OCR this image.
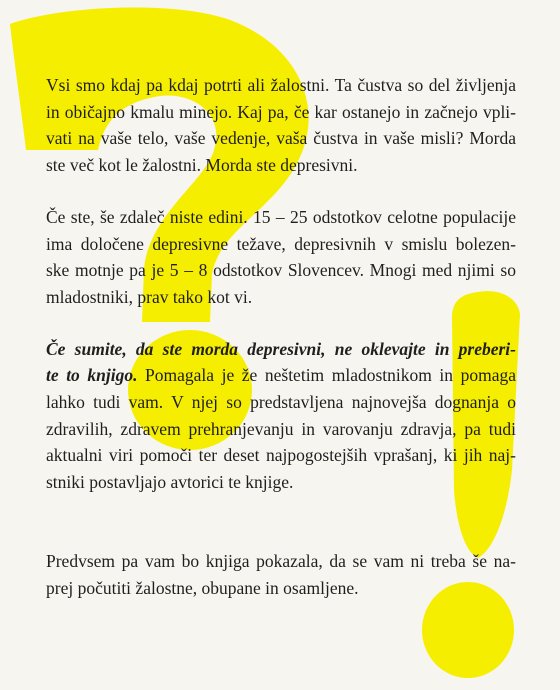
Vsi smo kdaj pa kdaj potrti ali žalostni. Ta čustva so del življenja
in običajno kmalu minejo. Kaj pa, če kar ostanejo in začnejo vpli-
vati na vaše telo, vaše vedenje, vaša čustva in vaše misli? Morda
ste več kot le žalostni. Morda ste depresivni.

Če ste, še zdaleč niste edini. 15 – 25 odstotkov celotne populacije
ima določene depresivne težave, depresivnih v smislu bolezen-
ske motnje pa je 5 – 8 odstotkov Slovencev. Mnogi med njimi so
mladostniki, prav tako kot vi.

Če sumite, da ste morda depresivni, ne oklevajte in preberi-
te to knjigo. Pomagala je že neštetim mladostnikom in pomaga
lahko tudi vam. V njej so predstavljena najnovejša dognanja o
zdravilih, zdravem prehranjevanju in varovanju zdravja, pa tudi
aktualni viri pomoči ter deset najpogostejših vprašanj, ki jih naj-
stniki postavljajo avtorici te knjige.

Predvsem pa vam bo knjiga pokazala, da se vam ni treba še na-
prej počutiti žalostne, obupane in osamljene.
